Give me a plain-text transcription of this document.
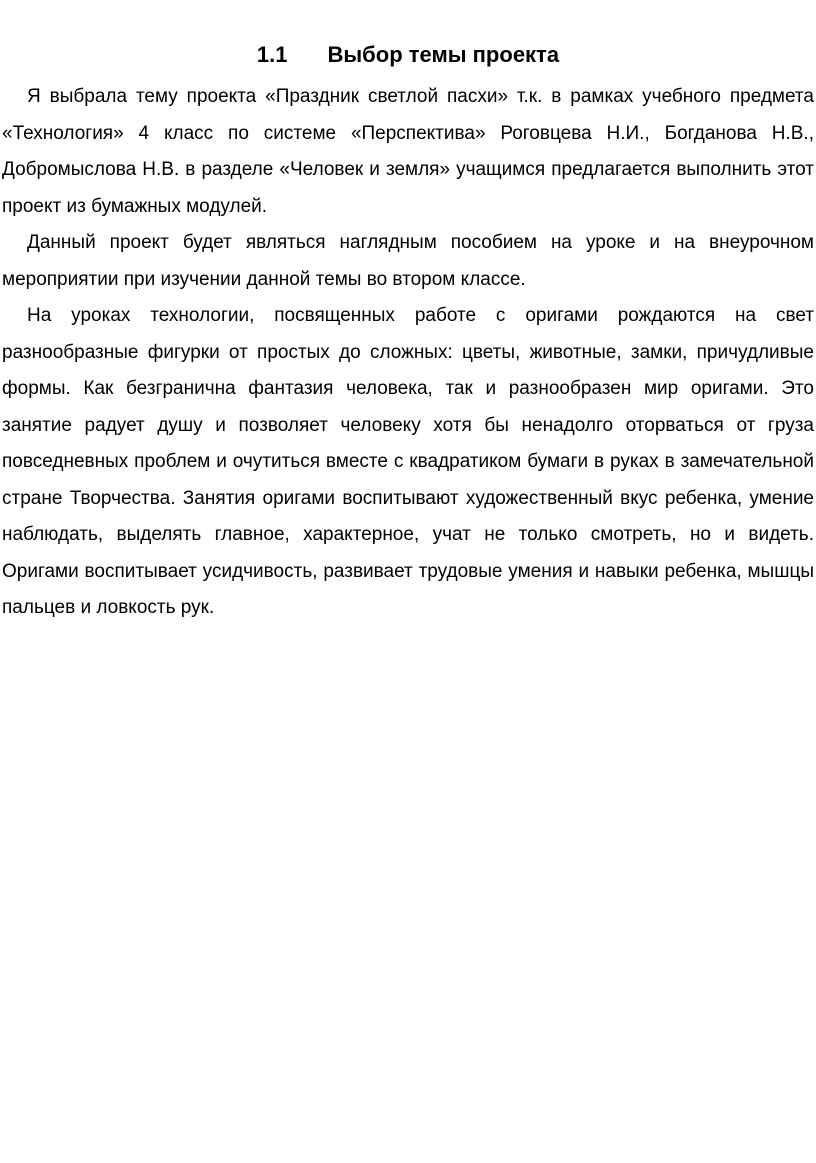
1.1 Выбор темы проекта

Я выбрала тему проекта «Праздник светлой пасхи» т.к. в рамках учебного предмета «Технология» 4 класс по системе «Перспектива» Роговцева Н.И., Богданова Н.В., Добромыслова Н.В. в разделе «Человек и земля» учащимся предлагается выполнить этот проект из бумажных модулей.

Данный проект будет являться наглядным пособием на уроке и на внеурочном мероприятии при изучении данной темы во втором классе.

На уроках технологии, посвященных работе с оригами рождаются на свет разнообразные фигурки от простых до сложных: цветы, животные, замки, причудливые формы. Как безгранична фантазия человека, так и разнообразен мир оригами. Это занятие радует душу и позволяет человеку хотя бы ненадолго оторваться от груза повседневных проблем и очутиться вместе с квадратиком бумаги в руках в замечательной стране Творчества. Занятия оригами воспитывают художественный вкус ребенка, умение наблюдать, выделять главное, характерное, учат не только смотреть, но и видеть. Оригами воспитывает усидчивость, развивает трудовые умения и навыки ребенка, мышцы пальцев и ловкость рук.
